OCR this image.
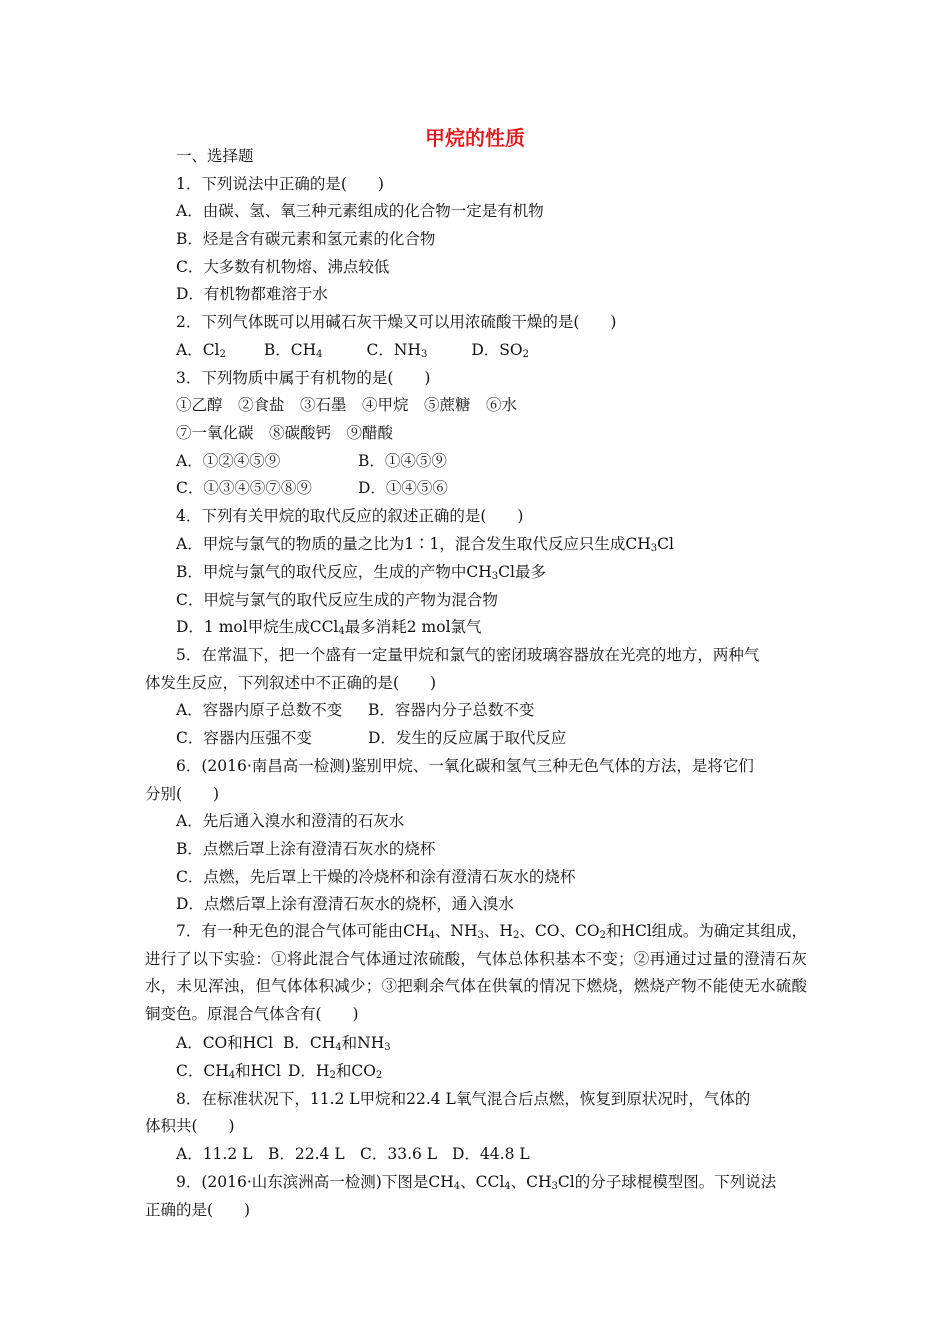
甲烷的性质
一、选择题
1．下列说法中正确的是(　　)
A．由碳、氢、氧三种元素组成的化合物一定是有机物
B．烃是含有碳元素和氢元素的化合物
C．大多数有机物熔、沸点较低
D．有机物都难溶于水
2．下列气体既可以用碱石灰干燥又可以用浓硫酸干燥的是(　　)
A．$Cl_2$ B．$CH_4$	C．$NH_3$	D．$SO_2$
3．下列物质中属于有机物的是(　　)
①乙醇　②食盐　③石墨　④甲烷　⑤蔗糖　⑥水
⑦一氧化碳　⑧碳酸钙　⑨醋酸
A．①②④⑤⑨	B．①④⑤⑨
C．①③④⑤⑦⑧⑨	D．①④⑤⑥
4．下列有关甲烷的取代反应的叙述正确的是(　　)
A．甲烷与氯气的物质的量之比为1∶1，混合发生取代反应只生成$CH_3Cl$
B．甲烷与氯气的取代反应，生成的产物中$CH_3Cl$最多
C．甲烷与氯气的取代反应生成的产物为混合物
D．1 mol甲烷生成CCl$_4$最多消耗2 mol氯气
5．在常温下，把一个盛有一定量甲烷和氯气的密闭玻璃容器放在光亮的地方，两种气
体发生反应，下列叙述中不正确的是(　　)
A．容器内原子总数不变 B．容器内分子总数不变
C．容器内压强不变	D．发生的反应属于取代反应
6．(2016·南昌高一检测)鉴别甲烷、一氧化碳和氢气三种无色气体的方法，是将它们
分别(　　)
A．先后通入溴水和澄清的石灰水
B．点燃后罩上涂有澄清石灰水的烧杯
C．点燃，先后罩上干燥的冷烧杯和涂有澄清石灰水的烧杯
D．点燃后罩上涂有澄清石灰水的烧杯，通入溴水
7．有一种无色的混合气体可能由$CH_4$、$NH_3$、$H_2$、CO、$CO_2$和HCl组成。为确定其组成，进行了以下实验：①将此混合气体通过浓硫酸，气体总体积基本不变；②再通过过量的澄清石灰水，未见浑浊，但气体体积减少；③把剩余气体在供氧的情况下燃烧，燃烧产物不能使无水硫酸铜变色。原混合气体含有(　　)
A．CO和HCl B．$CH_4$和$NH_3$
C．$CH_4$和HCl D．$H_2$和$CO_2$
8．在标准状况下，11.2 L甲烷和22.4 L氧气混合后点燃，恢复到原状况时，气体的
体积共(　　)
A．11.2 L B．22.4 L C．33.6 L D．44.8 L
9．(2016·山东滨洲高一检测)下图是$CH_4$、CCl$_4$、$CH_3Cl$的分子球棍模型图。下列说法
正确的是(　　)
